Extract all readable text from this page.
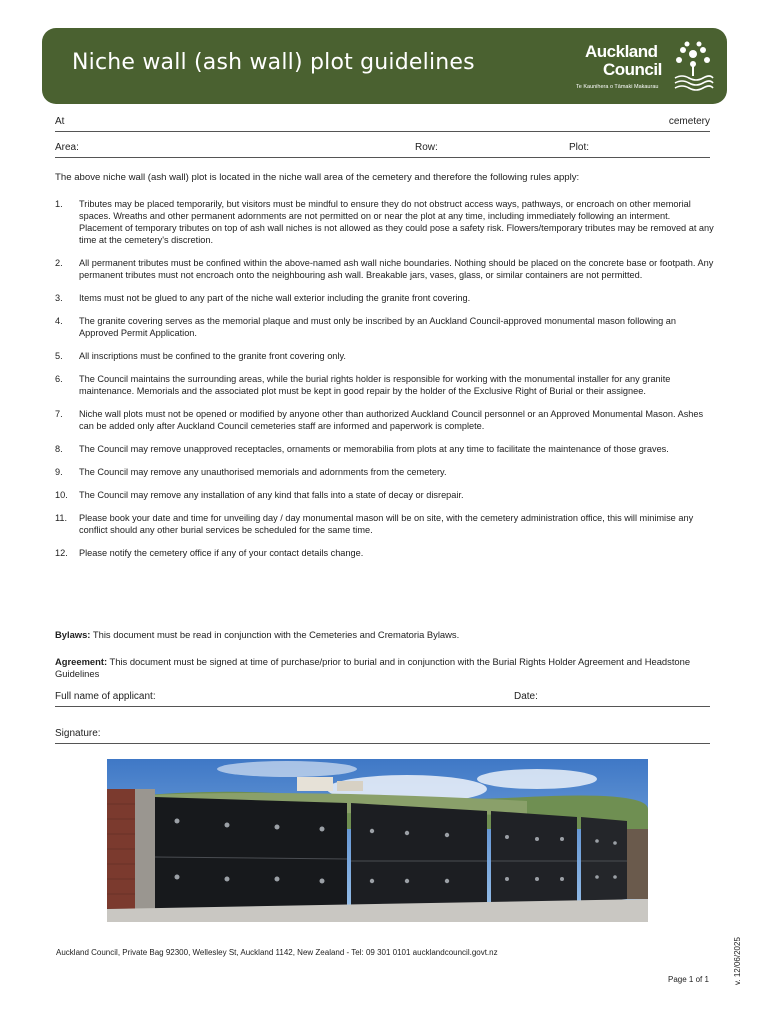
Niche wall (ash wall) plot guidelines	Auckland
Council
Te Kaunihera o Tāmaki Makaurau
At	cemetery
Area:	Row:	Plot:
The above niche wall (ash wall) plot is located in the niche wall area of the cemetery and therefore the following rules apply:
1.	Tributes may be placed temporarily, but visitors must be mindful to ensure they do not obstruct access ways, pathways, or encroach on other memorial spaces. Wreaths and other permanent adornments are not permitted on or near the plot at any time, including immediately following an interment. Placement of temporary tributes on top of ash wall niches is not allowed as they could pose a safety risk. Flowers/temporary tributes may be removed at any time at the cemetery's discretion.
2.	All permanent tributes must be confined within the above-named ash wall niche boundaries. Nothing should be placed on the concrete base or footpath. Any permanent tributes must not encroach onto the neighbouring ash wall. Breakable jars, vases, glass, or similar containers are not permitted.
3.	Items must not be glued to any part of the niche wall exterior including the granite front covering.
4.	The granite covering serves as the memorial plaque and must only be inscribed by an Auckland Council-approved monumental mason following an Approved Permit Application.
5.	All inscriptions must be confined to the granite front covering only.
6.	The Council maintains the surrounding areas, while the burial rights holder is responsible for working with the monumental installer for any granite maintenance. Memorials and the associated plot must be kept in good repair by the holder of the Exclusive Right of Burial or their assignee.
7.	Niche wall plots must not be opened or modified by anyone other than authorized Auckland Council personnel or an Approved Monumental Mason. Ashes can be added only after Auckland Council cemeteries staff are informed and paperwork is complete.
8.	The Council may remove unapproved receptacles, ornaments or memorabilia from plots at any time to facilitate the maintenance of those graves.
9.	The Council may remove any unauthorised memorials and adornments from the cemetery.
10.	The Council may remove any installation of any kind that falls into a state of decay or disrepair.
11.	Please book your date and time for unveiling day / day monumental mason will be on site, with the cemetery administration office, this will minimise any conflict should any other burial services be scheduled for the same time.
12.	Please notify the cemetery office if any of your contact details change.
Bylaws: This document must be read in conjunction with the Cemeteries and Crematoria Bylaws.
Agreement: This document must be signed at time of purchase/prior to burial and in conjunction with the Burial Rights Holder Agreement and Headstone Guidelines
Full name of applicant:	Date:
Signature:
Auckland Council, Private Bag 92300, Wellesley St, Auckland 1142, New Zealand - Tel: 09 301 0101 aucklandcouncil.govt.nz
Page 1 of 1	v. 12/06/2025
